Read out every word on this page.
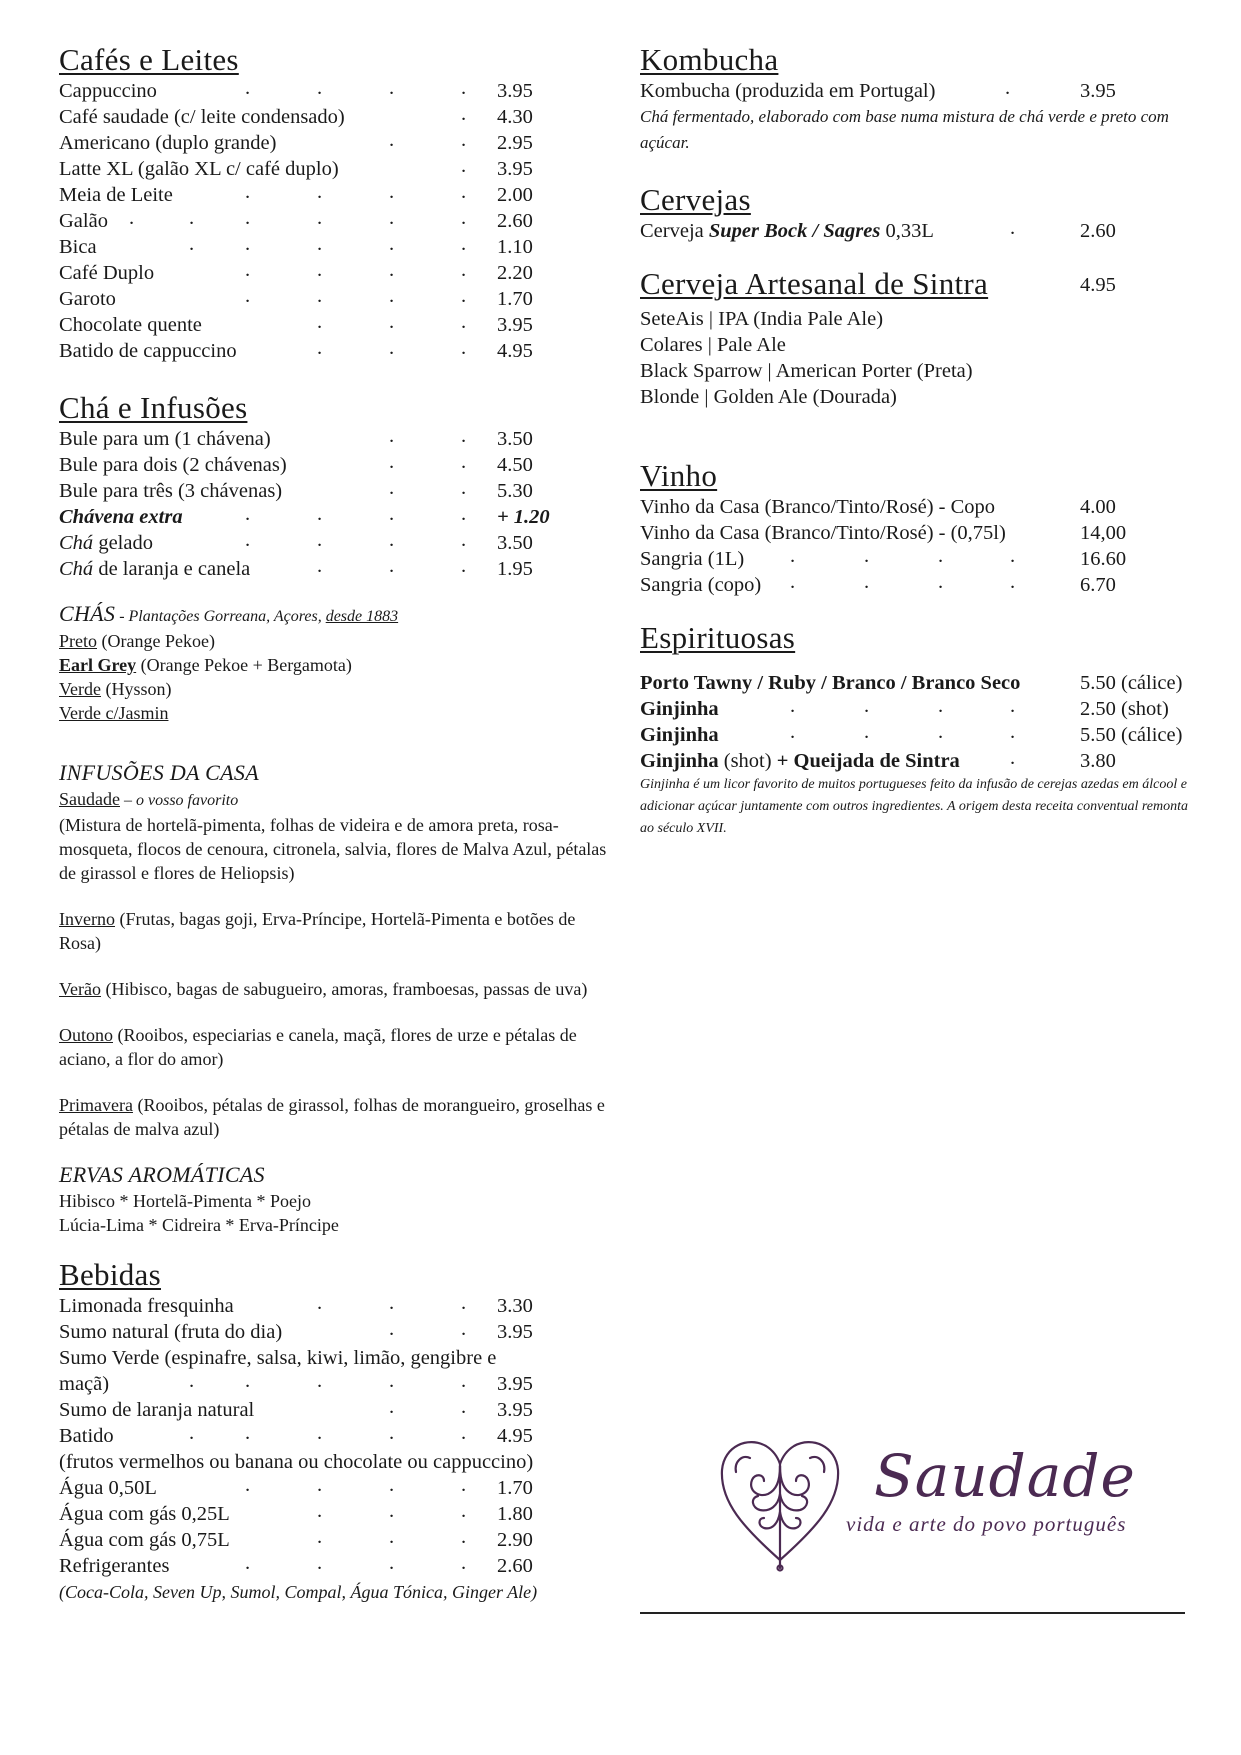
Cafés e Leites
Cappuccino	.	.	.	. 3.95
Café saudade (c/ leite condensado)	. 4.30
Americano (duplo grande)	.	. 2.95
Latte XL (galão XL c/ café duplo)	. 3.95
Meia de Leite	.	.	.	. 2.00
Galão .	. .	.	.	. 2.60
Bica	. .	.	.	. 1.10
Café Duplo	.	.	.	. 2.20
Garoto	.	.	.	. 1.70
Chocolate quente	.	.	. 3.95
Batido de cappuccino	.	.	. 4.95
Chá e Infusões
Bule para um (1 chávena)	.	. 3.50
Bule para dois (2 chávenas)	.	. 4.50
Bule para três (3 chávenas)	.	. 5.30
Chávena extra	.	.	.	. + 1.20
Chá gelado	.	.	.	. 3.50
Chá de laranja e canela	.	.	. 1.95
CHÁS - Plantações Gorreana, Açores, desde 1883
Preto (Orange Pekoe)
Earl Grey (Orange Pekoe + Bergamota)
Verde (Hysson)
Verde c/Jasmin
INFUSÕES DA CASA
Saudade – o vosso favorito
(Mistura de hortelã-pimenta, folhas de videira e de amora preta, rosa-mosqueta, flocos de cenoura, citronela, salvia, flores de Malva Azul, pétalas de girassol e flores de Heliopsis)
Inverno (Frutas, bagas goji, Erva-Príncipe, Hortelã-Pimenta e botões de Rosa)
Verão (Hibisco, bagas de sabugueiro, amoras, framboesas, passas de uva)
Outono (Rooibos, especiarias e canela, maçã, flores de urze e pétalas de aciano, a flor do amor)
Primavera (Rooibos, pétalas de girassol, folhas de morangueiro, groselhas e pétalas de malva azul)
ERVAS AROMÁTICAS
Hibisco * Hortelã-Pimenta * Poejo
Lúcia-Lima * Cidreira * Erva-Príncipe
Bebidas
Limonada fresquinha	.	.	. 3.30
Sumo natural (fruta do dia)	.	. 3.95
Sumo Verde (espinafre, salsa, kiwi, limão, gengibre e
maçã)	. .	.	.	. 3.95
Sumo de laranja natural	.	. 3.95
Batido	. .	.	.	. 4.95
(frutos vermelhos ou banana ou chocolate ou cappuccino)
Água 0,50L	.	.	.	. 1.70
Água com gás 0,25L	.	.	. 1.80
Água com gás 0,75L	.	.	. 2.90
Refrigerantes	.	.	.	. 2.60
(Coca-Cola, Seven Up, Sumol, Compal, Água Tónica, Ginger Ale)
Kombucha
Kombucha (produzida em Portugal)	.	3.95
Chá fermentado, elaborado com base numa mistura de chá verde e preto com açúcar.
Cervejas
Cerveja Super Bock / Sagres 0,33L	.	2.60
Cerveja Artesanal de Sintra	4.95
SeteAis | IPA (India Pale Ale)
Colares | Pale Ale
Black Sparrow | American Porter (Preta)
Blonde | Golden Ale (Dourada)
Vinho
Vinho da Casa (Branco/Tinto/Rosé) - Copo	4.00
Vinho da Casa (Branco/Tinto/Rosé) - (0,75l)	14,00
Sangria (1L) .	.	.	.	16.60
Sangria (copo) .	.	.	.	6.70
Espirituosas
Porto Tawny / Ruby / Branco / Branco Seco	5.50 (cálice)
Ginjinha	.	.	.	.	2.50 (shot)
Ginjinha	.	.	.	.	5.50 (cálice)
Ginjinha (shot) + Queijada de Sintra .	3.80
Ginjinha é um licor favorito de muitos portugueses feito da infusão de cerejas azedas em álcool e adicionar açúcar juntamente com outros ingredientes. A origem desta receita conventual remonta ao século XVII.
Saudade
vida e arte do povo português
